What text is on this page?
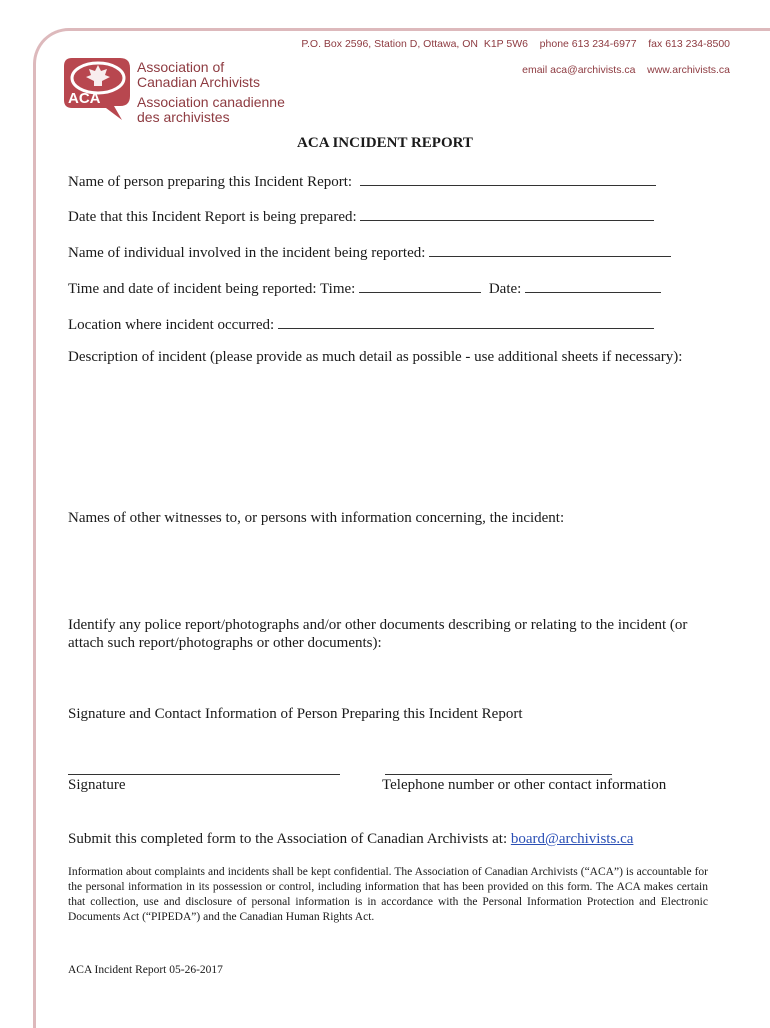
P.O. Box 2596, Station D, Ottawa, ON  K1P 5W6    phone 613 234-6977    fax 613 234-8500
email aca@archivists.ca    www.archivists.ca
ACA
Association of
Canadian Archivists
Association canadienne
des archivistes
ACA INCIDENT REPORT
Name of person preparing this Incident Report:
Date that this Incident Report is being prepared:
Name of individual involved in the incident being reported:
Time and date of incident being reported: Time:	Date:
Location where incident occurred:
Description of incident (please provide as much detail as possible - use additional sheets if necessary):
Names of other witnesses to, or persons with information concerning, the incident:
Identify any police report/photographs and/or other documents describing or relating to the incident (or
attach such report/photographs or other documents):
Signature and Contact Information of Person Preparing this Incident Report
Signature	Telephone number or other contact information
Submit this completed form to the Association of Canadian Archivists at: board@archivists.ca
Information about complaints and incidents shall be kept confidential. The Association of Canadian Archivists (“ACA”) is accountable for the personal information in its possession or control, including information that has been provided on this form. The ACA makes certain that collection, use and disclosure of personal information is in accordance with the Personal Information Protection and Electronic Documents Act (“PIPEDA”) and the Canadian Human Rights Act.
ACA Incident Report 05-26-2017
